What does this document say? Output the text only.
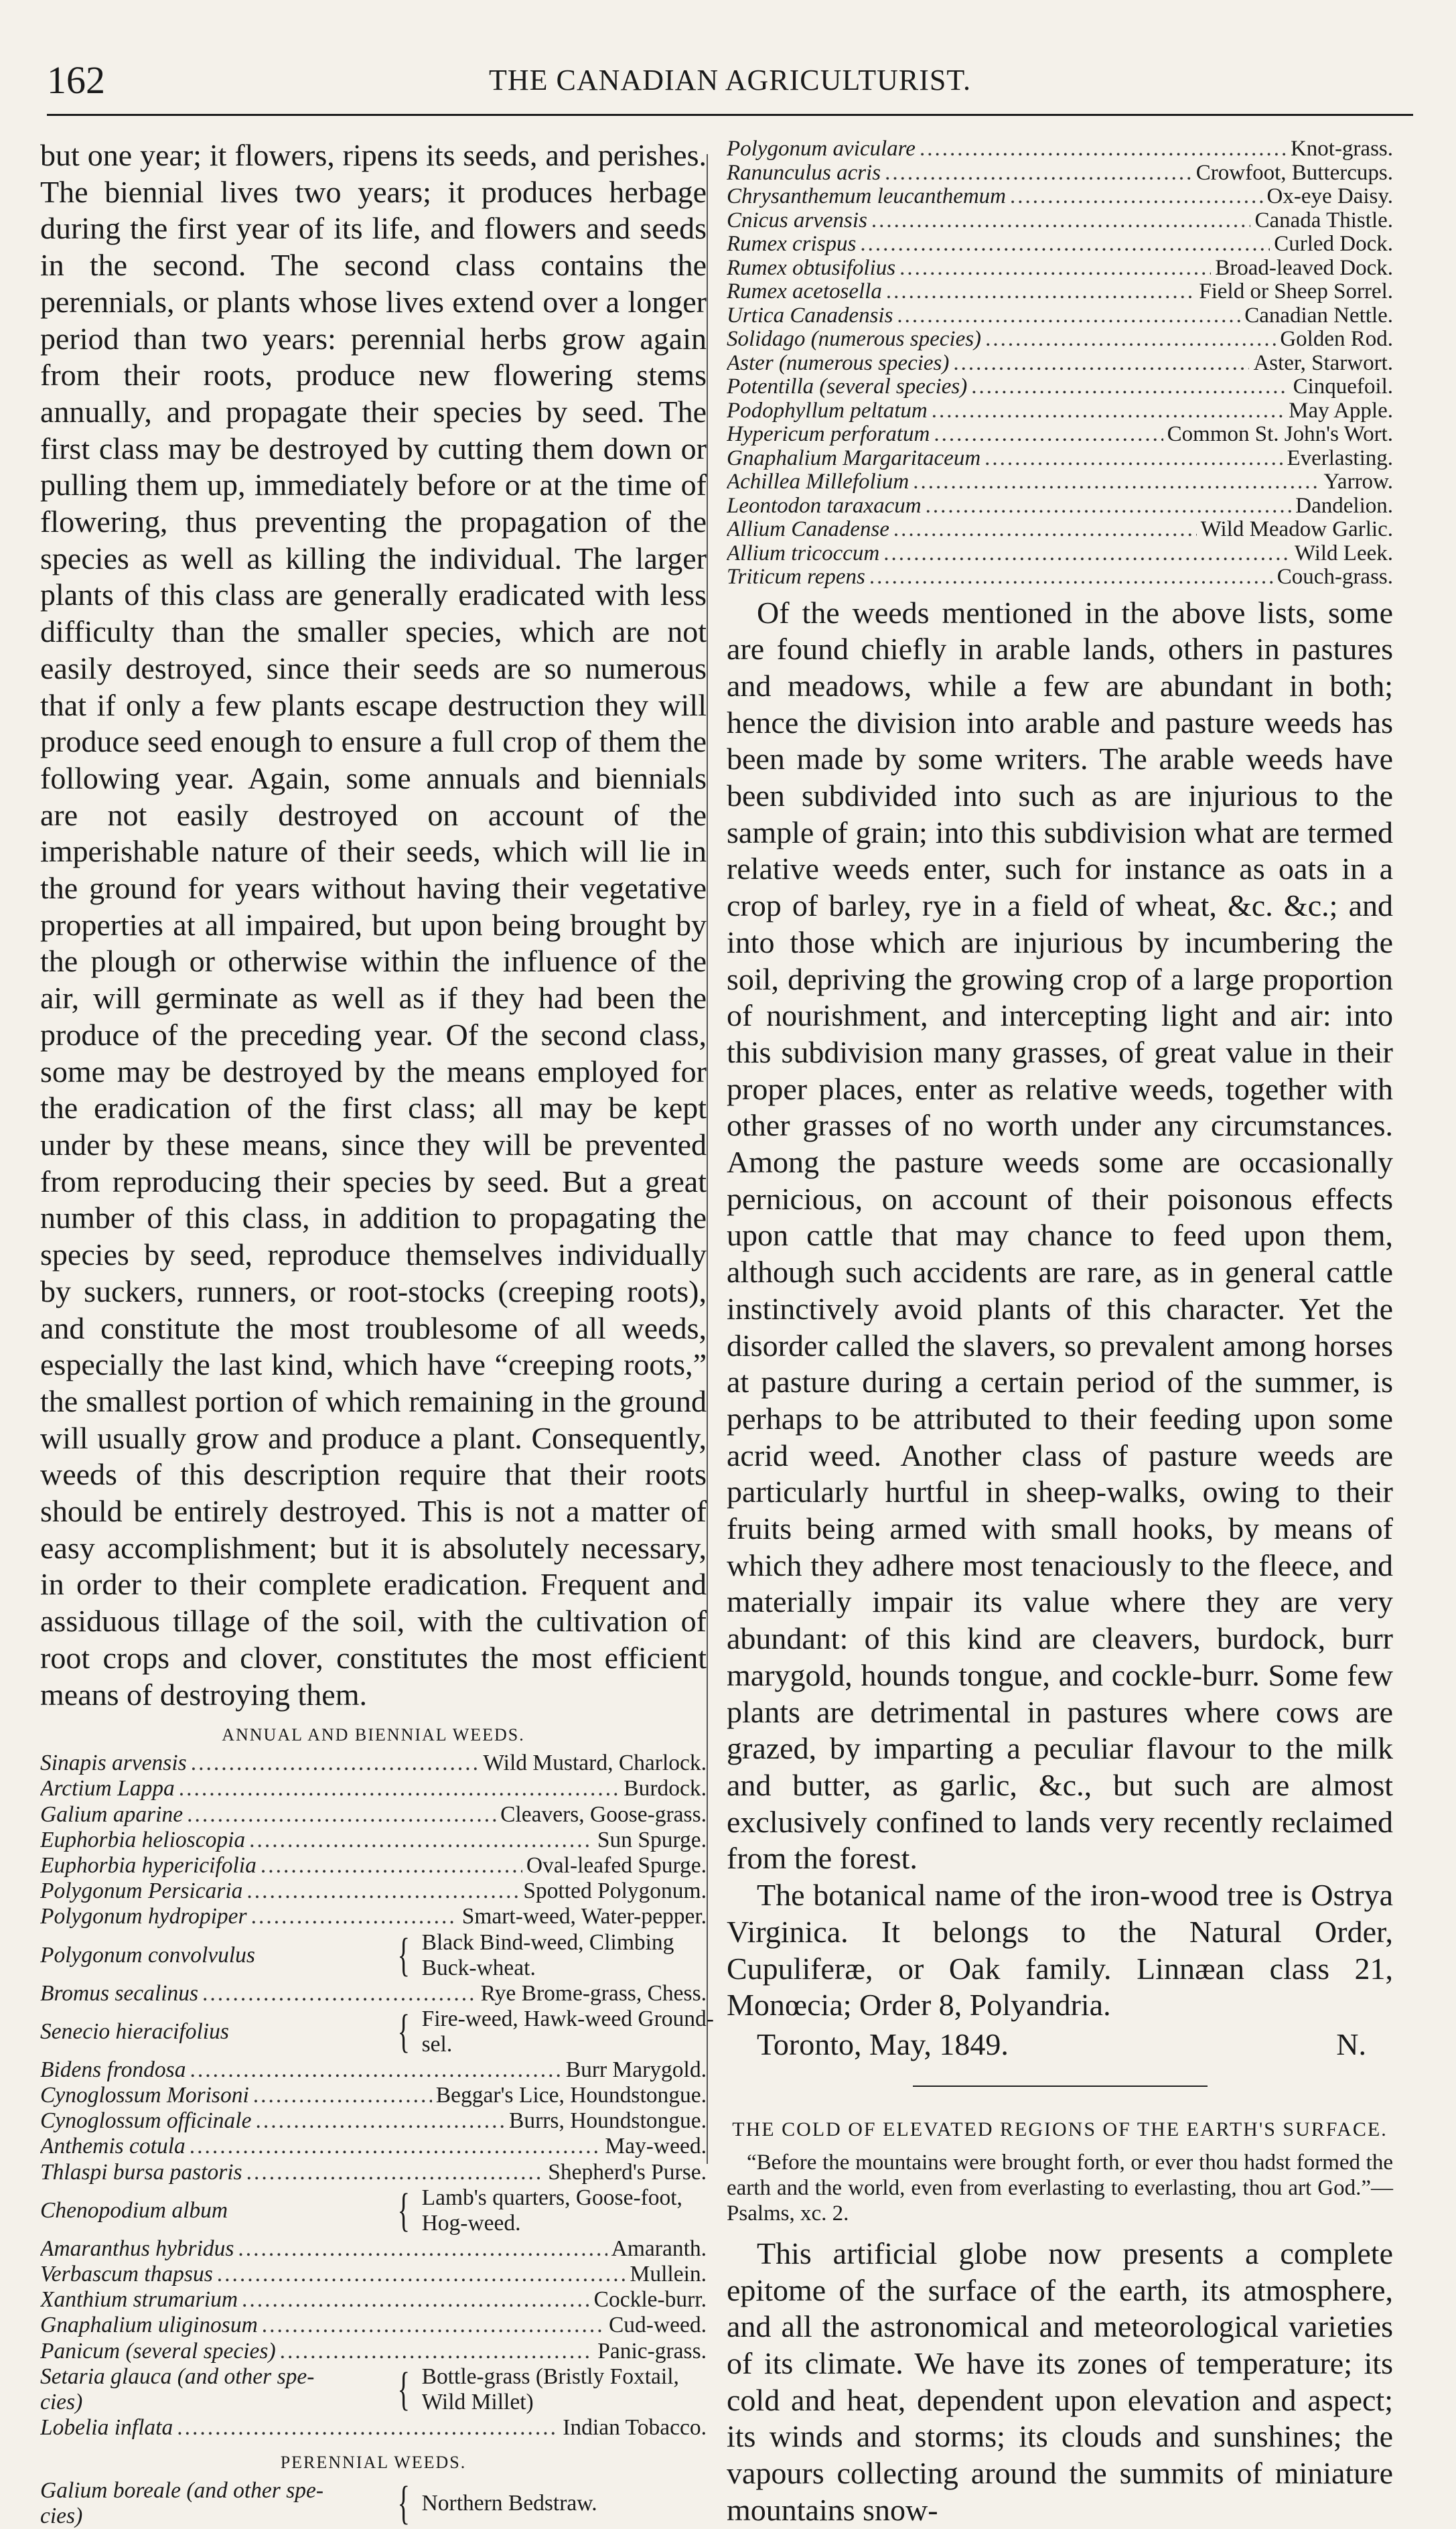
162	THE CANADIAN AGRICULTURIST.

but one year; it flowers, ripens its seeds, and perishes. The biennial lives two years; it produces herbage during the first year of its life, and flowers and seeds in the second. The second class contains the perennials, or plants whose lives extend over a longer period than two years: perennial herbs grow again from their roots, produce new flowering stems annually, and propagate their species by seed. The first class may be destroyed by cutting them down or pulling them up, immediately before or at the time of flowering, thus preventing the propagation of the species as well as killing the individual. The larger plants of this class are generally eradicated with less difficulty than the smaller species, which are not easily destroyed, since their seeds are so numerous that if only a few plants escape destruction they will produce seed enough to ensure a full crop of them the following year. Again, some annuals and biennials are not easily destroyed on account of the imperishable nature of their seeds, which will lie in the ground for years without having their vegetative properties at all impaired, but upon being brought by the plough or otherwise within the influence of the air, will germinate as well as if they had been the produce of the preceding year. Of the second class, some may be destroyed by the means employed for the eradication of the first class; all may be kept under by these means, since they will be prevented from reproducing their species by seed. But a great number of this class, in addition to propagating the species by seed, reproduce themselves individually by suckers, runners, or root-stocks (creeping roots), and constitute the most troublesome of all weeds, especially the last kind, which have “creeping roots,” the smallest portion of which remaining in the ground will usually grow and produce a plant. Consequently, weeds of this description require that their roots should be entirely destroyed. This is not a matter of easy accomplishment; but it is absolutely necessary, in order to their complete eradication. Frequent and assiduous tillage of the soil, with the cultivation of root crops and clover, constitutes the most efficient means of destroying them.

ANNUAL AND BIENNIAL WEEDS.
Sinapis arvensis .....	Wild Mustard, Charlock.
Arctium Lappa .....	Burdock.
Galium aparine .....	Cleavers, Goose-grass.
Euphorbia helioscopia .....	Sun Spurge.
Euphorbia hypericifolia .....	Oval-leafed Spurge.
Polygonum Persicaria .....	Spotted Polygonum.
Polygonum hydropiper .....	Smart-weed, Water-pepper.
Polygonum convolvulus	{ Black Bind-weed, Climbing
Buck-wheat.
Bromus secalinus .....	Rye Brome-grass, Chess.
Senecio hieracifolius	{ Fire-weed, Hawk-weed Ground-
sel.
Bidens frondosa .....	Burr Marygold.
Cynoglossum Morisoni .....	Beggar's Lice, Houndstongue.
Cynoglossum officinale .....	Burrs, Houndstongue.
Anthemis cotula .....	May-weed.
Thlaspi bursa pastoris .....	Shepherd's Purse.
Chenopodium album	{ Lamb's quarters, Goose-foot,
Hog-weed.
Amaranthus hybridus .....	Amaranth.
Verbascum thapsus .....	Mullein.
Xanthium strumarium .....	Cockle-burr.
Gnaphalium uliginosum .....	Cud-weed.
Panicum (several species) .....	Panic-grass.
Setaria glauca (and other spe-
cies)	{ Bottle-grass (Bristly Foxtail,
Wild Millet)
Lobelia inflata .....	Indian Tobacco.
PERENNIAL WEEDS.
Galium boreale (and other spe-
cies)	{ Northern Bedstraw.
Polygonum aviculare .....	Knot-grass.
Ranunculus acris .....	Crowfoot, Buttercups.
Chrysanthemum leucanthemum .....	Ox-eye Daisy.
Cnicus arvensis .....	Canada Thistle.
Rumex crispus .....	Curled Dock.
Rumex obtusifolius .....	Broad-leaved Dock.
Rumex acetosella .....	Field or Sheep Sorrel.
Urtica Canadensis .....	Canadian Nettle.
Solidago (numerous species) .....	Golden Rod.
Aster (numerous species) .....	Aster, Starwort.
Potentilla (several species) .....	Cinquefoil.
Podophyllum peltatum .....	May Apple.
Hypericum perforatum .....	Common St. John's Wort.
Gnaphalium Margaritaceum .....	Everlasting.
Achillea Millefolium .....	Yarrow.
Leontodon taraxacum .....	Dandelion.
Allium Canadense .....	Wild Meadow Garlic.
Allium tricoccum .....	Wild Leek.
Triticum repens .....	Couch-grass.

Of the weeds mentioned in the above lists, some are found chiefly in arable lands, others in pastures and meadows, while a few are abundant in both; hence the division into arable and pasture weeds has been made by some writers. The arable weeds have been subdivided into such as are injurious to the sample of grain; into this subdivision what are termed relative weeds enter, such for instance as oats in a crop of barley, rye in a field of wheat, &c. &c.; and into those which are injurious by incumbering the soil, depriving the growing crop of a large proportion of nourishment, and intercepting light and air: into this subdivision many grasses, of great value in their proper places, enter as relative weeds, together with other grasses of no worth under any circumstances. Among the pasture weeds some are occasionally pernicious, on account of their poisonous effects upon cattle that may chance to feed upon them, although such accidents are rare, as in general cattle instinctively avoid plants of this character. Yet the disorder called the slavers, so prevalent among horses at pasture during a certain period of the summer, is perhaps to be attributed to their feeding upon some acrid weed. Another class of pasture weeds are particularly hurtful in sheep-walks, owing to their fruits being armed with small hooks, by means of which they adhere most tenaciously to the fleece, and materially impair its value where they are very abundant: of this kind are cleavers, burdock, burr marygold, hounds tongue, and cockle-burr. Some few plants are detrimental in pastures where cows are grazed, by imparting a peculiar flavour to the milk and butter, as garlic, &c., but such are almost exclusively confined to lands very recently reclaimed from the forest.

The botanical name of the iron-wood tree is Ostrya Virginica. It belongs to the Natural Order, Cupuliferæ, or Oak family. Linnæan class 21, Monœcia; Order 8, Polyandria.

Toronto, May, 1849.	N.

THE COLD OF ELEVATED REGIONS OF THE EARTH'S SURFACE.

“Before the mountains were brought forth, or ever thou hadst formed the earth and the world, even from everlasting to everlasting, thou art God.”—Psalms, xc. 2.

This artificial globe now presents a complete epitome of the surface of the earth, its atmosphere, and all the astronomical and meteorological varieties of its climate. We have its zones of temperature; its cold and heat, dependent upon elevation and aspect; its winds and storms; its clouds and sunshines; the vapours collecting around the summits of miniature mountains snow-
